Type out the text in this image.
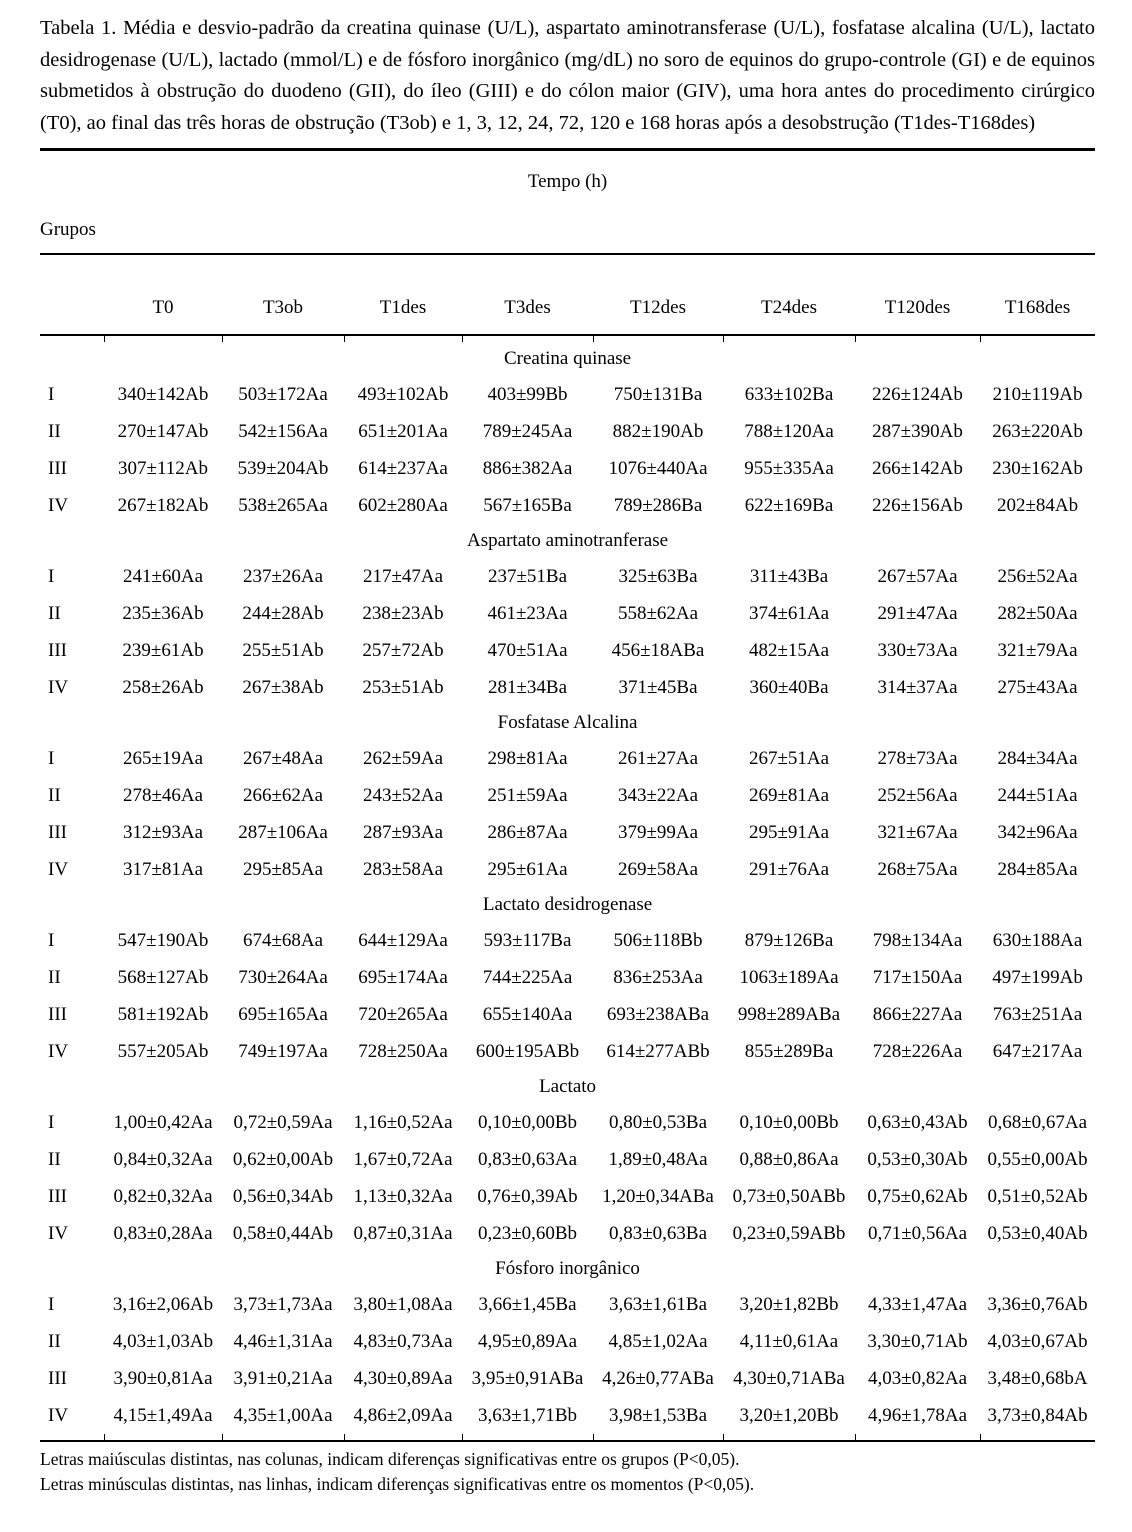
Tabela 1. Média e desvio-padrão da creatina quinase (U/L), aspartato aminotransferase (U/L), fosfatase alcalina (U/L), lactato desidrogenase (U/L), lactado (mmol/L) e de fósforo inorgânico (mg/dL) no soro de equinos do grupo-controle (GI) e de equinos submetidos à obstrução do duodeno (GII), do íleo (GIII) e do cólon maior (GIV), uma hora antes do procedimento cirúrgico (T0), ao final das três horas de obstrução (T3ob) e 1, 3, 12, 24, 72, 120 e 168 horas após a desobstrução (T1des-T168des)

Tempo (h)								
Grupos								
	T0	T3ob	T1des	T3des	T12des	T24des	T120des	T168des

Creatina quinase								
I	340±142Ab	503±172Aa	493±102Ab	403±99Bb	750±131Ba	633±102Ba	226±124Ab	210±119Ab
II	270±147Ab	542±156Aa	651±201Aa	789±245Aa	882±190Ab	788±120Aa	287±390Ab	263±220Ab
III	307±112Ab	539±204Ab	614±237Aa	886±382Aa	1076±440Aa	955±335Aa	266±142Ab	230±162Ab
IV	267±182Ab	538±265Aa	602±280Aa	567±165Ba	789±286Ba	622±169Ba	226±156Ab	202±84Ab
Aspartato aminotranferase								
I	241±60Aa	237±26Aa	217±47Aa	237±51Ba	325±63Ba	311±43Ba	267±57Aa	256±52Aa
II	235±36Ab	244±28Ab	238±23Ab	461±23Aa	558±62Aa	374±61Aa	291±47Aa	282±50Aa
III	239±61Ab	255±51Ab	257±72Ab	470±51Aa	456±18ABa	482±15Aa	330±73Aa	321±79Aa
IV	258±26Ab	267±38Ab	253±51Ab	281±34Ba	371±45Ba	360±40Ba	314±37Aa	275±43Aa
Fosfatase Alcalina								
I	265±19Aa	267±48Aa	262±59Aa	298±81Aa	261±27Aa	267±51Aa	278±73Aa	284±34Aa
II	278±46Aa	266±62Aa	243±52Aa	251±59Aa	343±22Aa	269±81Aa	252±56Aa	244±51Aa
III	312±93Aa	287±106Aa	287±93Aa	286±87Aa	379±99Aa	295±91Aa	321±67Aa	342±96Aa
IV	317±81Aa	295±85Aa	283±58Aa	295±61Aa	269±58Aa	291±76Aa	268±75Aa	284±85Aa
Lactato desidrogenase								
I	547±190Ab	674±68Aa	644±129Aa	593±117Ba	506±118Bb	879±126Ba	798±134Aa	630±188Aa
II	568±127Ab	730±264Aa	695±174Aa	744±225Aa	836±253Aa	1063±189Aa	717±150Aa	497±199Ab
III	581±192Ab	695±165Aa	720±265Aa	655±140Aa	693±238ABa	998±289ABa	866±227Aa	763±251Aa
IV	557±205Ab	749±197Aa	728±250Aa	600±195ABb	614±277ABb	855±289Ba	728±226Aa	647±217Aa
Lactato								
I	1,00±0,42Aa	0,72±0,59Aa	1,16±0,52Aa	0,10±0,00Bb	0,80±0,53Ba	0,10±0,00Bb	0,63±0,43Ab	0,68±0,67Aa
II	0,84±0,32Aa	0,62±0,00Ab	1,67±0,72Aa	0,83±0,63Aa	1,89±0,48Aa	0,88±0,86Aa	0,53±0,30Ab	0,55±0,00Ab
III	0,82±0,32Aa	0,56±0,34Ab	1,13±0,32Aa	0,76±0,39Ab	1,20±0,34ABa	0,73±0,50ABb	0,75±0,62Ab	0,51±0,52Ab
IV	0,83±0,28Aa	0,58±0,44Ab	0,87±0,31Aa	0,23±0,60Bb	0,83±0,63Ba	0,23±0,59ABb	0,71±0,56Aa	0,53±0,40Ab
Fósforo inorgânico								
I	3,16±2,06Ab	3,73±1,73Aa	3,80±1,08Aa	3,66±1,45Ba	3,63±1,61Ba	3,20±1,82Bb	4,33±1,47Aa	3,36±0,76Ab
II	4,03±1,03Ab	4,46±1,31Aa	4,83±0,73Aa	4,95±0,89Aa	4,85±1,02Aa	4,11±0,61Aa	3,30±0,71Ab	4,03±0,67Ab
III	3,90±0,81Aa	3,91±0,21Aa	4,30±0,89Aa	3,95±0,91ABa	4,26±0,77ABa	4,30±0,71ABa	4,03±0,82Aa	3,48±0,68bA
IV	4,15±1,49Aa	4,35±1,00Aa	4,86±2,09Aa	3,63±1,71Bb	3,98±1,53Ba	3,20±1,20Bb	4,96±1,78Aa	3,73±0,84Ab

Letras maiúsculas distintas, nas colunas, indicam diferenças significativas entre os grupos (P<0,05).
Letras minúsculas distintas, nas linhas, indicam diferenças significativas entre os momentos (P<0,05).
